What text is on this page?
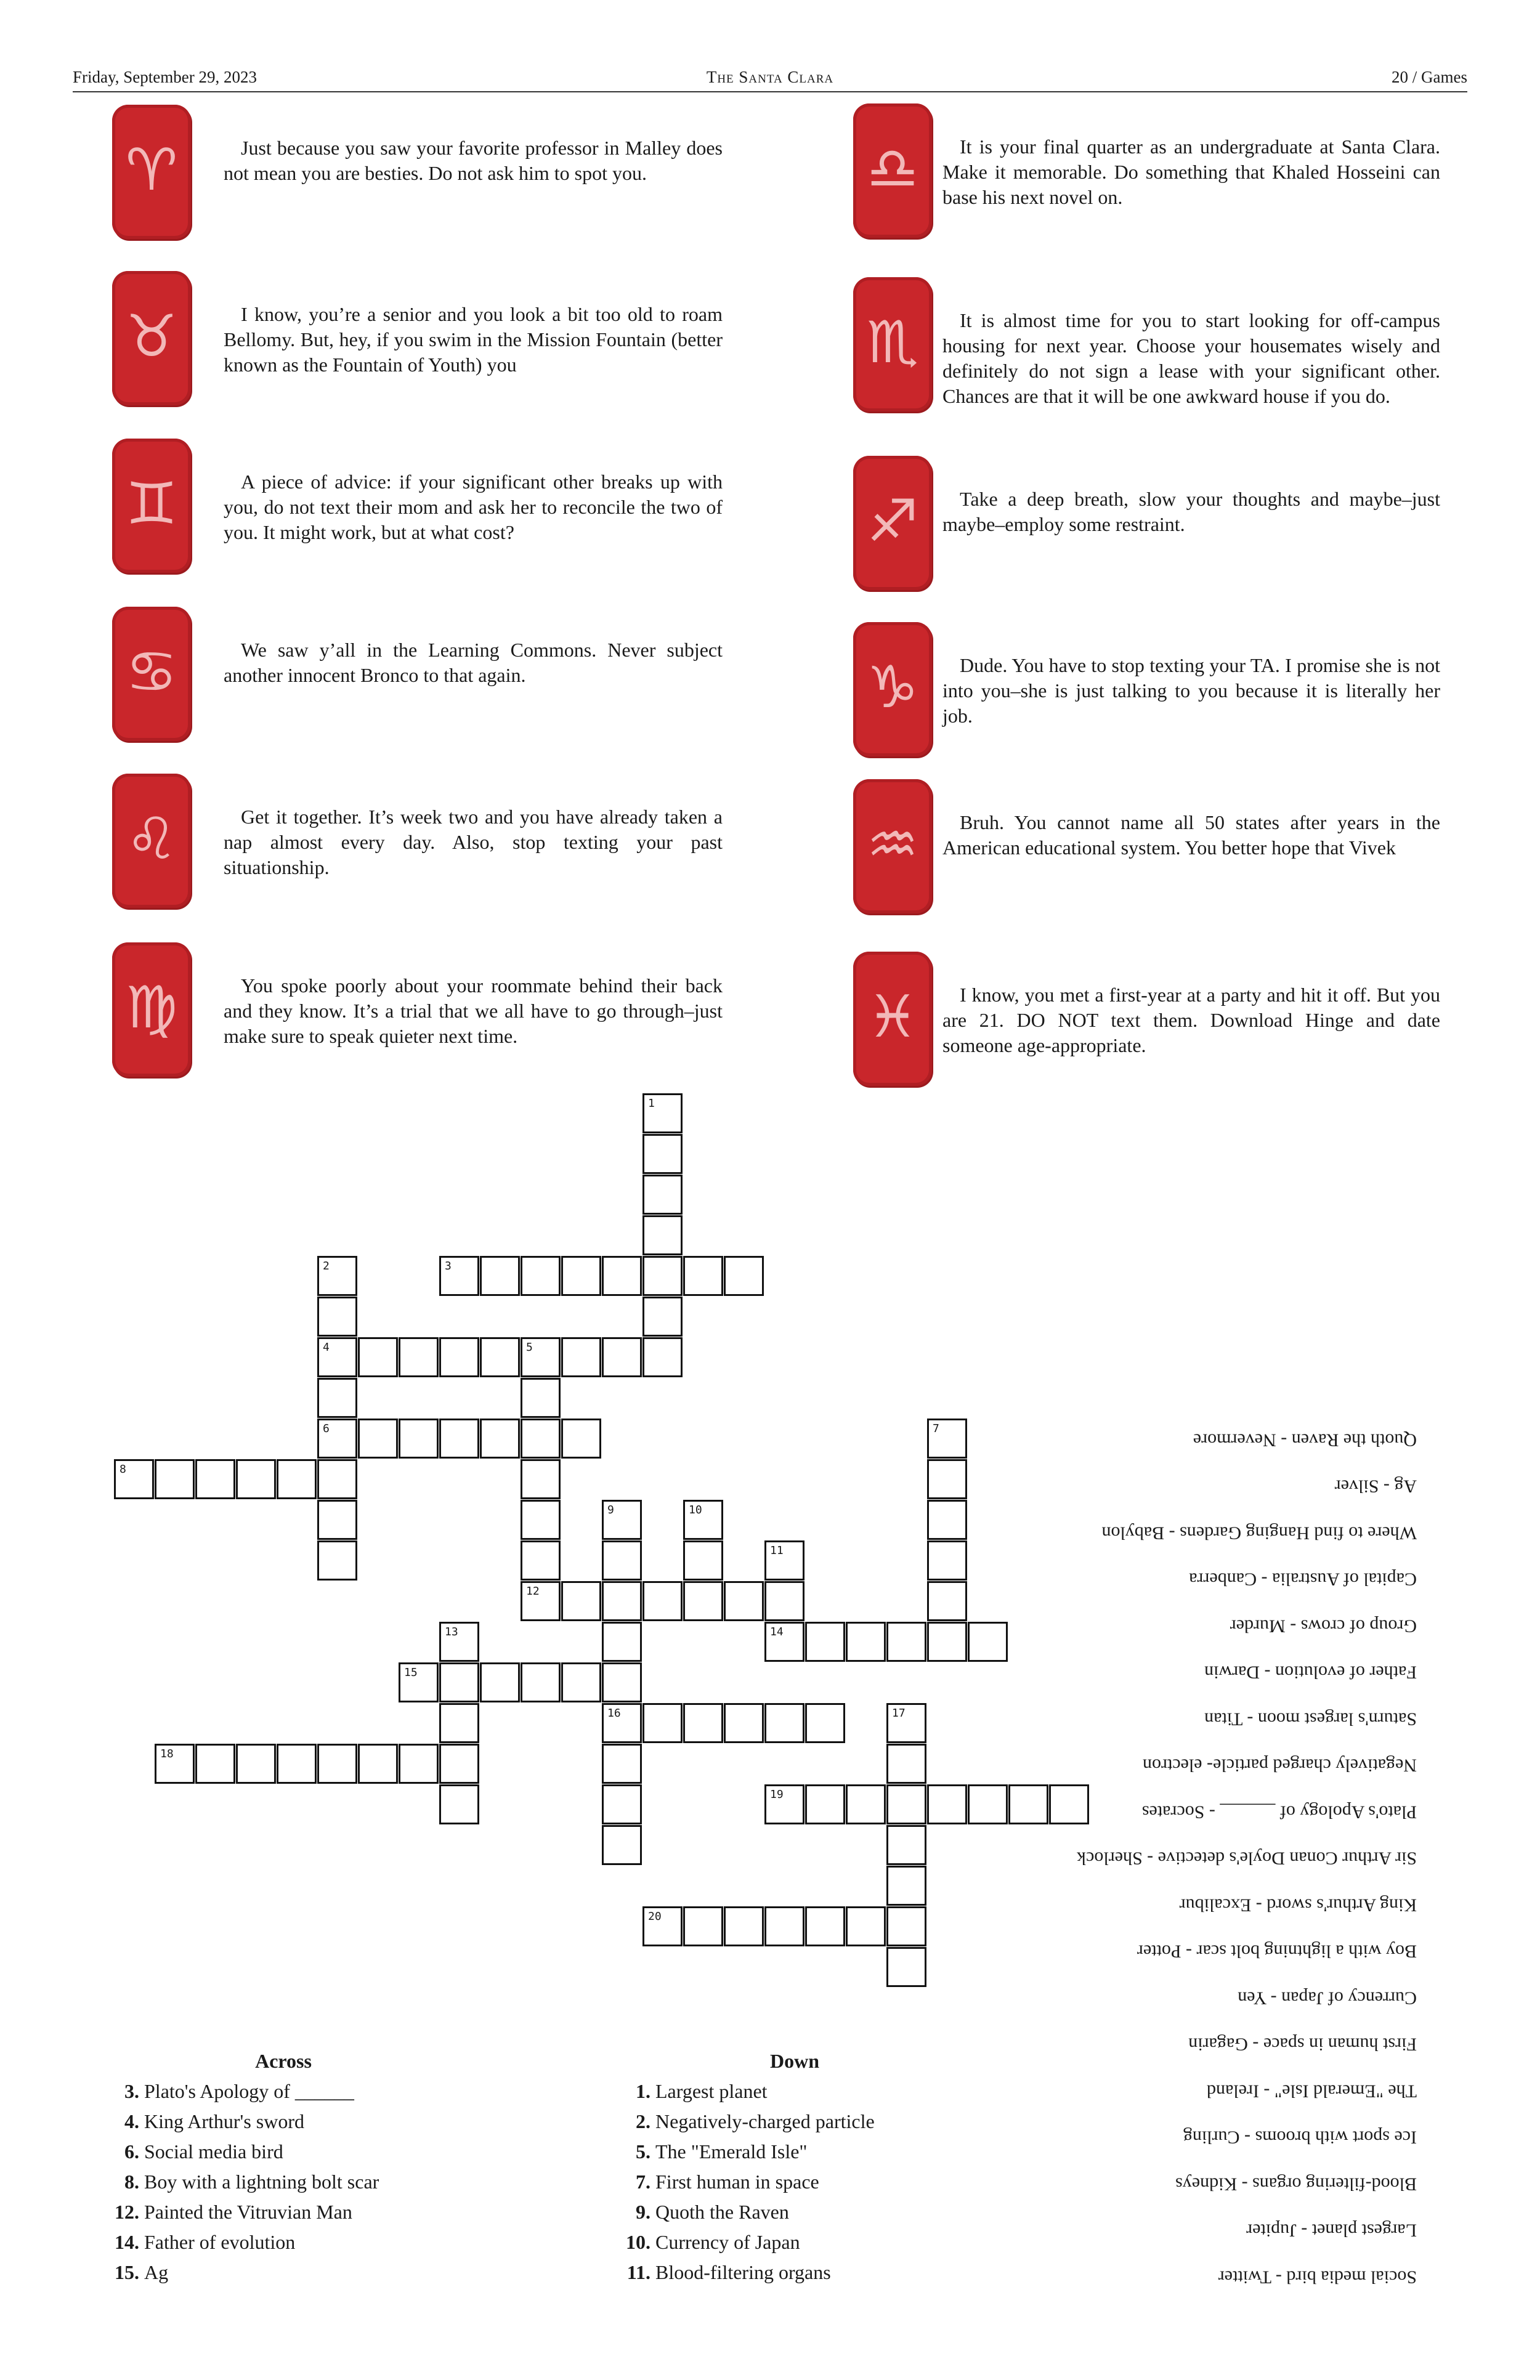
Friday, September 29, 2023	The Santa Clara	20 / Games
♈	Just because you saw your favorite professor in Malley does not mean you are besties. Do not ask him to spot you.
♉	I know, you’re a senior and you look a bit too old to roam Bellomy. But, hey, if you swim in the Mission Fountain (better known as the Fountain of Youth) you
♊	A piece of advice: if your significant other breaks up with you, do not text their mom and ask her to reconcile the two of you. It might work, but at what cost?
♋	We saw y’all in the Learning Commons. Never subject another innocent Bronco to that again.
♌	Get it together. It’s week two and you have already taken a nap almost every day. Also, stop texting your past situationship.
♍	You spoke poorly about your roommate behind their back and they know. It’s a trial that we all have to go through–just make sure to speak quieter next time.
♎	It is your final quarter as an undergraduate at Santa Clara. Make it memorable. Do something that Khaled Hosseini can base his next novel on.
♏	It is almost time for you to start looking for off-campus housing for next year. Choose your housemates wisely and definitely do not sign a lease with your significant other. Chances are that it will be one awkward house if you do.
♐	Take a deep breath, slow your thoughts and maybe–just maybe–employ some restraint.
♑	Dude. You have to stop texting your TA. I promise she is not into you–she is just talking to you because it is literally her job.
♒	Bruh. You cannot name all 50 states after years in the American educational system. You better hope that Vivek
♓	I know, you met a first-year at a party and hit it off. But you are 21. DO NOT text them. Download Hinge and date someone age-appropriate.
3
4	5
6
8
12
14
15
16
18
19
20
1
2
7
9	10
11
13
17
Across
3. Plato's Apology of ______
4. King Arthur's sword
6. Social media bird
8. Boy with a lightning bolt scar
12. Painted the Vitruvian Man
14. Father of evolution
15. Ag
Down
1. Largest planet
2. Negatively-charged particle
5. The "Emerald Isle"
7. First human in space
9. Quoth the Raven
10. Currency of Japan
11. Blood-filtering organs	Social media bird - Twitter
Largest planet - Jupiter
Blood-filtering organs - Kidneys
Ice sport with brooms - Curling
The "Emerald Isle" - Ireland
First human in space - Gagarin
Currency of Japan - Yen
Boy with a lightning bolt scar - Potter
King Arthur's sword - Excalibur
Sir Arthur Conan Doyle's detective - Sherlock
Plato's Apology of ______ - Socrates
Negatively charged particle- electron
Saturn's largest moon - Titan
Father of evolution - Darwin
Group of crows - Murder
Capital of Australia - Canberra
Where to find Hanging Gardens - Babylon
Ag - Silver
Quoth the Raven - Nevermore
